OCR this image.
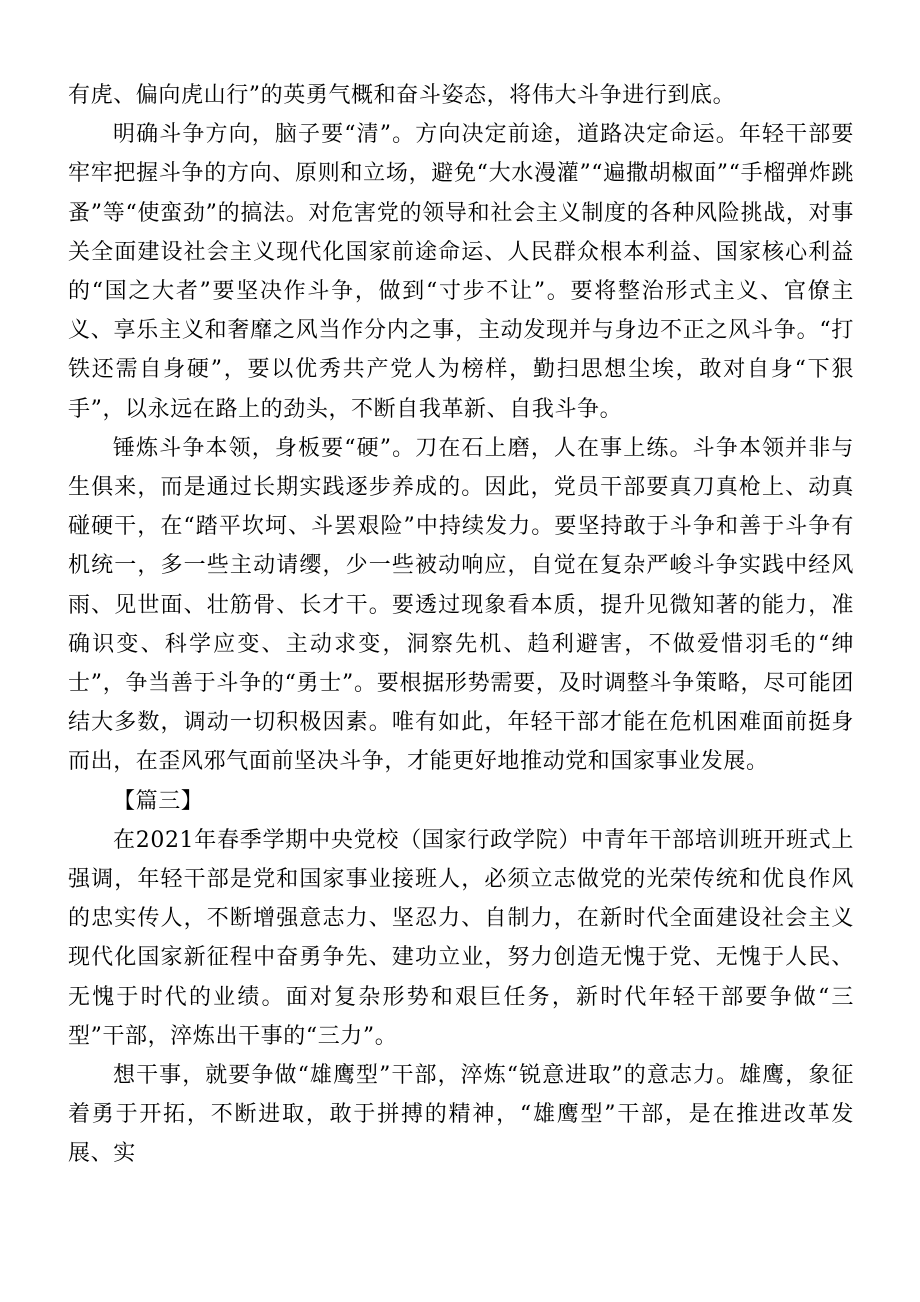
有虎、偏向虎山行”的英勇气概和奋斗姿态，将伟大斗争进行到底。

明确斗争方向，脑子要“清”。方向决定前途，道路决定命运。年轻干部要牢牢把握斗争的方向、原则和立场，避免“大水漫灌”“遍撒胡椒面”“手榴弹炸跳蚤”等“使蛮劲”的搞法。对危害党的领导和社会主义制度的各种风险挑战，对事关全面建设社会主义现代化国家前途命运、人民群众根本利益、国家核心利益的“国之大者”要坚决作斗争，做到“寸步不让”。要将整治形式主义、官僚主义、享乐主义和奢靡之风当作分内之事，主动发现并与身边不正之风斗争。“打铁还需自身硬”，要以优秀共产党人为榜样，勤扫思想尘埃，敢对自身“下狠手”，以永远在路上的劲头，不断自我革新、自我斗争。

锤炼斗争本领，身板要“硬”。刀在石上磨，人在事上练。斗争本领并非与生俱来，而是通过长期实践逐步养成的。因此，党员干部要真刀真枪上、动真碰硬干，在“踏平坎坷、斗罢艰险”中持续发力。要坚持敢于斗争和善于斗争有机统一，多一些主动请缨，少一些被动响应，自觉在复杂严峻斗争实践中经风雨、见世面、壮筋骨、长才干。要透过现象看本质，提升见微知著的能力，准确识变、科学应变、主动求变，洞察先机、趋利避害，不做爱惜羽毛的“绅士”，争当善于斗争的“勇士”。要根据形势需要，及时调整斗争策略，尽可能团结大多数，调动一切积极因素。唯有如此，年轻干部才能在危机困难面前挺身而出，在歪风邪气面前坚决斗争，才能更好地推动党和国家事业发展。

【篇三】

在2021年春季学期中央党校（国家行政学院）中青年干部培训班开班式上强调，年轻干部是党和国家事业接班人，必须立志做党的光荣传统和优良作风的忠实传人，不断增强意志力、坚忍力、自制力，在新时代全面建设社会主义现代化国家新征程中奋勇争先、建功立业，努力创造无愧于党、无愧于人民、无愧于时代的业绩。面对复杂形势和艰巨任务，新时代年轻干部要争做“三型”干部，淬炼出干事的“三力”。

想干事，就要争做“雄鹰型”干部，淬炼“锐意进取”的意志力。雄鹰，象征着勇于开拓，不断进取，敢于拼搏的精神，“雄鹰型”干部，是在推进改革发展、实
